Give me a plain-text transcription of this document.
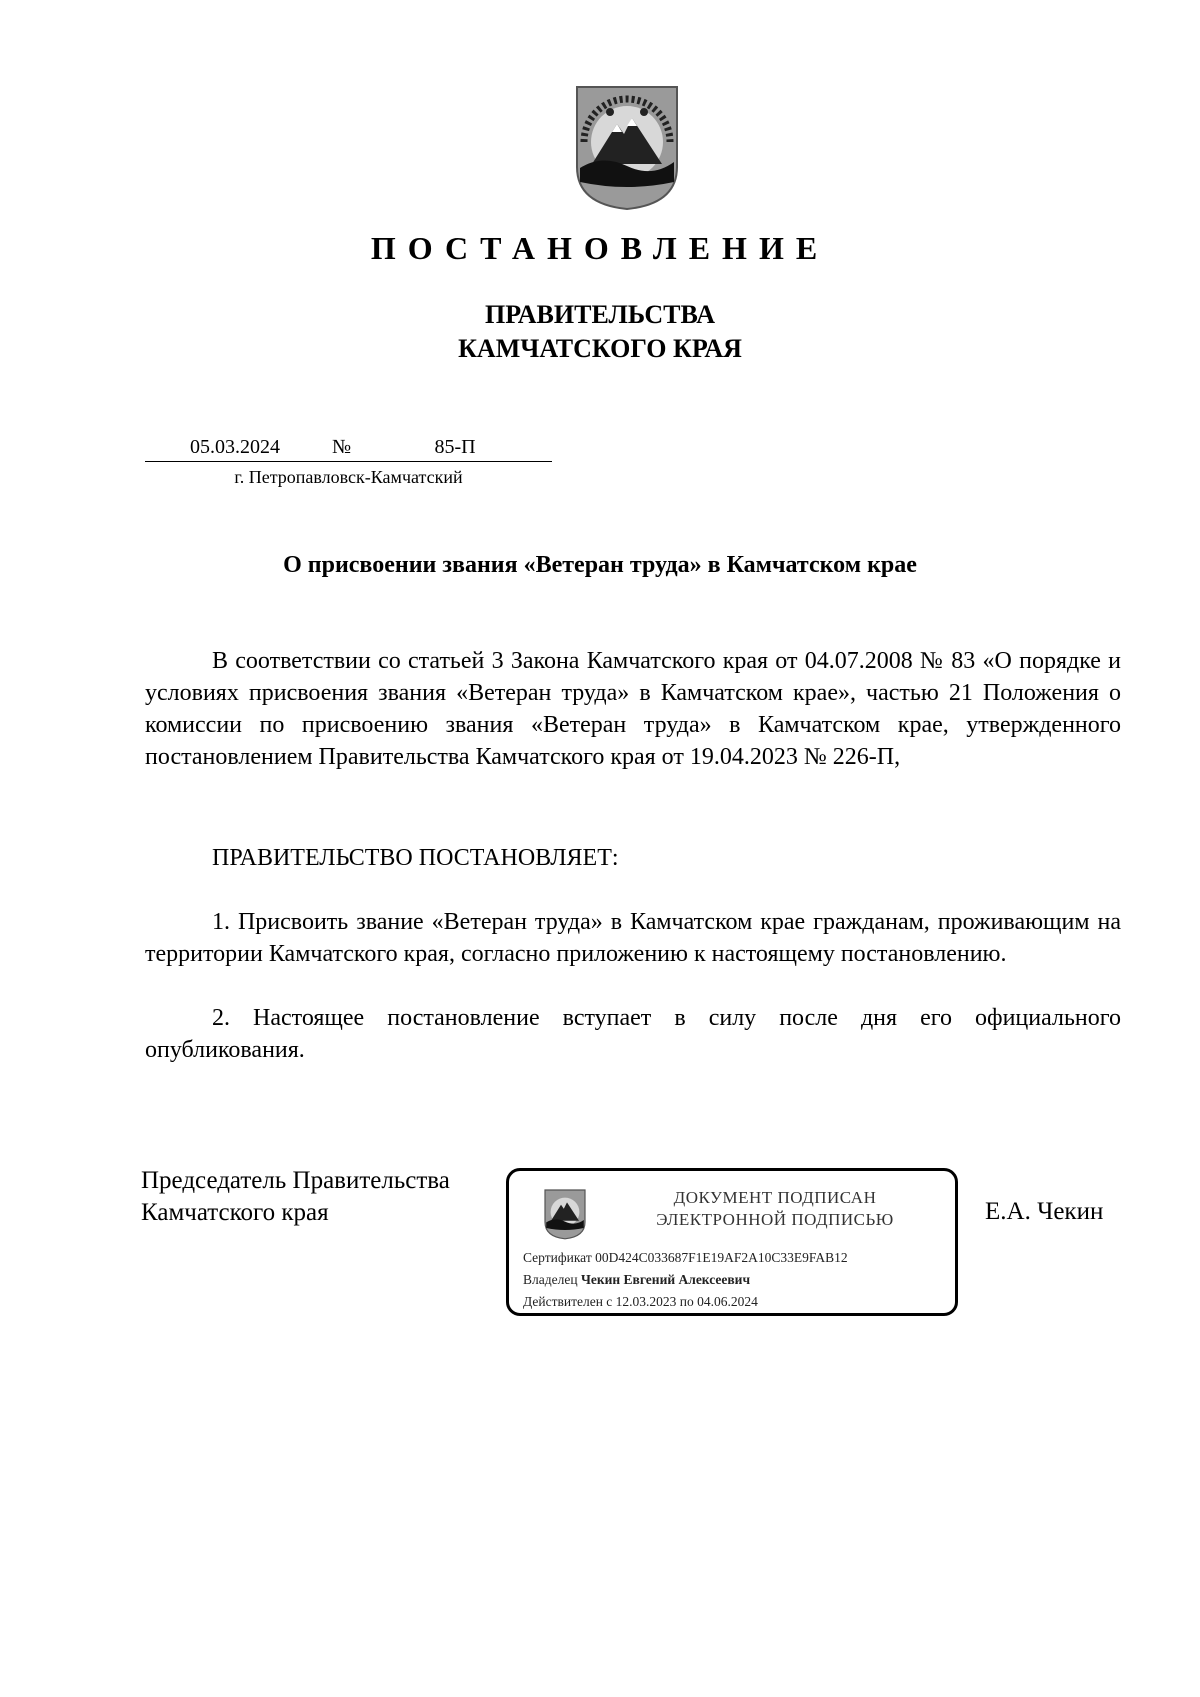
ПОСТАНОВЛЕНИЕ
ПРАВИТЕЛЬСТВА
КАМЧАТСКОГО КРАЯ
05.03.2024	№	85-П
г. Петропавловск-Камчатский
О присвоении звания «Ветеран труда» в Камчатском крае
В соответствии со статьей 3 Закона Камчатского края от 04.07.2008 № 83 «О порядке и условиях присвоения звания «Ветеран труда» в Камчатском крае», частью 21 Положения о комиссии по присвоению звания «Ветеран труда» в Камчатском крае, утвержденного постановлением Правительства Камчатского края от 19.04.2023 № 226-П,
ПРАВИТЕЛЬСТВО ПОСТАНОВЛЯЕТ:
1. Присвоить звание «Ветеран труда» в Камчатском крае гражданам, проживающим на территории Камчатского края, согласно приложению к настоящему постановлению.
2. Настоящее постановление вступает в силу после дня его официального опубликования.
Председатель Правительства
Камчатского края
ДОКУМЕНТ ПОДПИСАН
ЭЛЕКТРОННОЙ ПОДПИСЬЮ
Сертификат 00D424C033687F1E19AF2A10C33E9FAB12
Владелец Чекин Евгений Алексеевич
Действителен с 12.03.2023 по 04.06.2024
Е.А. Чекин
